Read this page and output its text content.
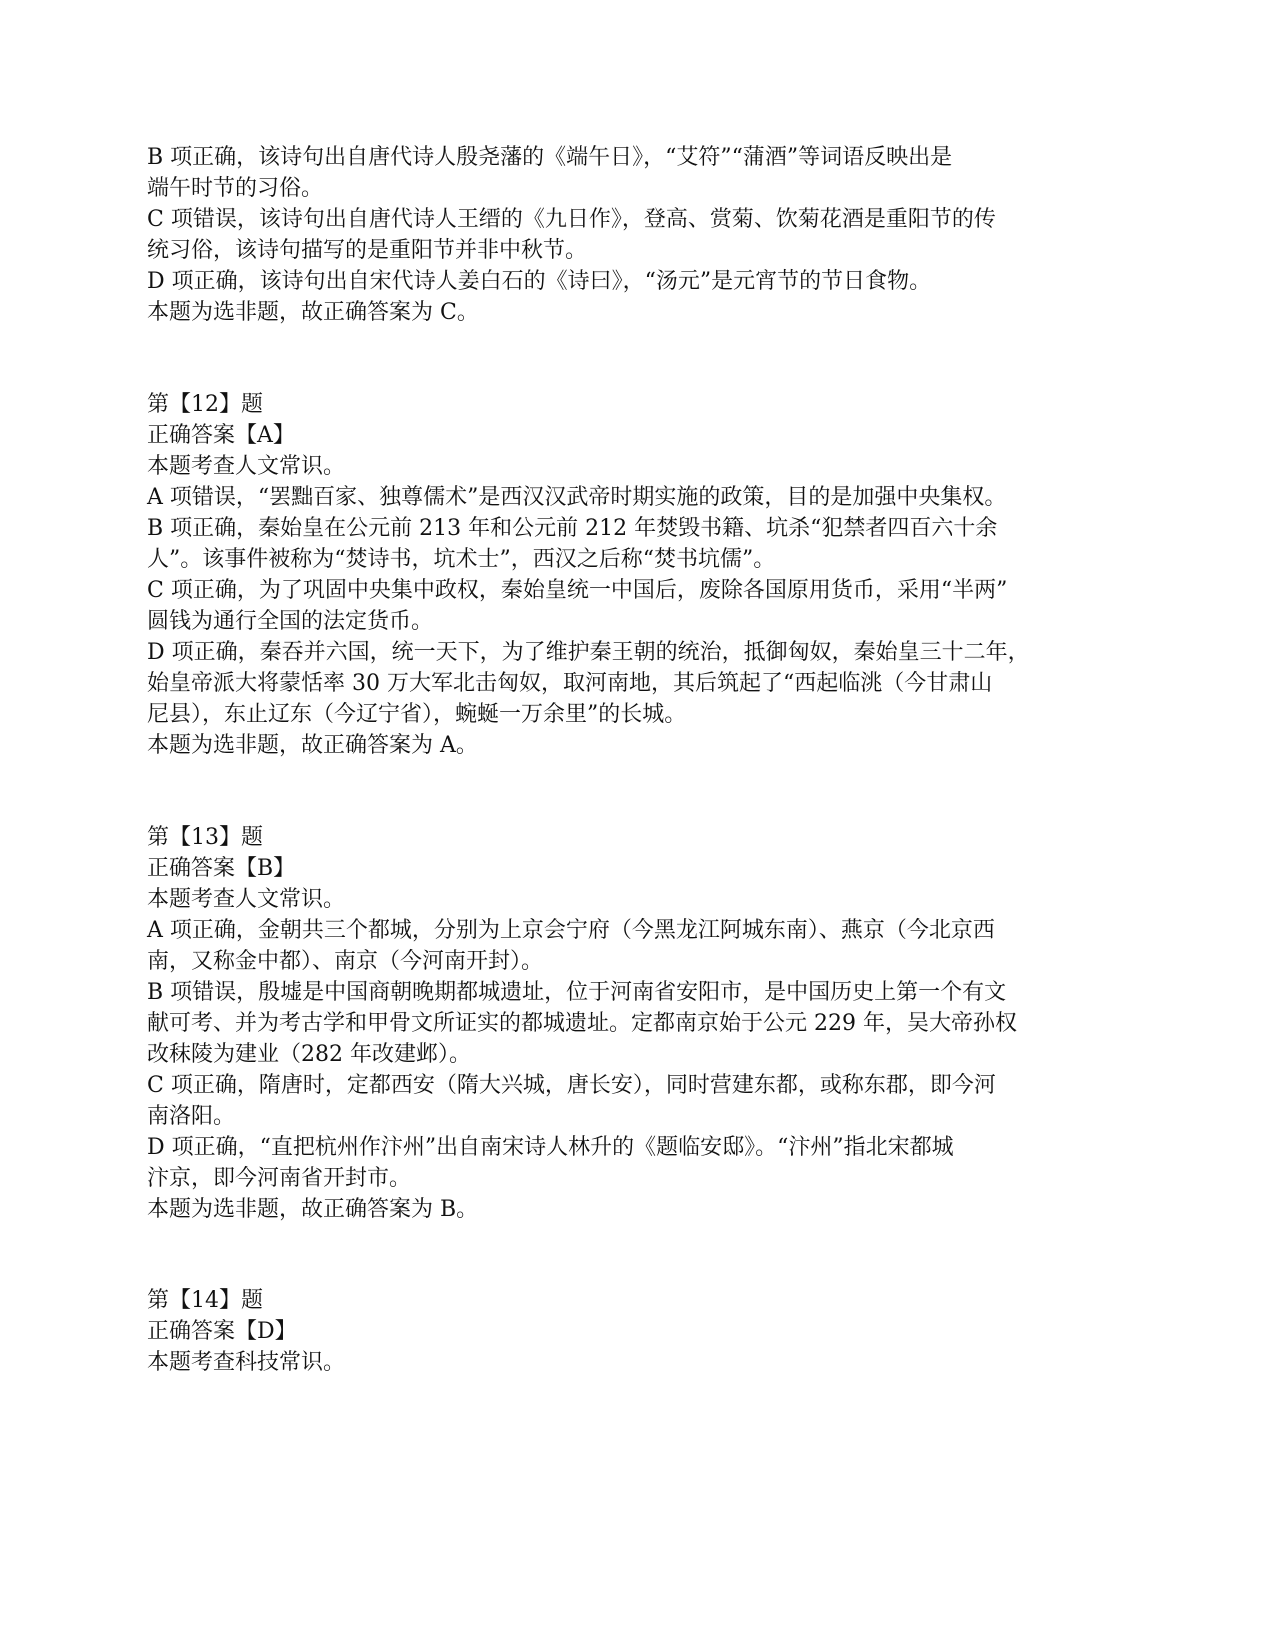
B 项正确，该诗句出自唐代诗人殷尧藩的《端午日》，“艾符”“蒲酒”等词语反映出是
端午时节的习俗。
C 项错误，该诗句出自唐代诗人王缙的《九日作》，登高、赏菊、饮菊花酒是重阳节的传
统习俗，该诗句描写的是重阳节并非中秋节。
D 项正确，该诗句出自宋代诗人姜白石的《诗曰》，“汤元”是元宵节的节日食物。
本题为选非题，故正确答案为 C。
第【12】题
正确答案【A】
本题考查人文常识。
A 项错误，“罢黜百家、独尊儒术”是西汉汉武帝时期实施的政策，目的是加强中央集权。
B 项正确，秦始皇在公元前 213 年和公元前 212 年焚毁书籍、坑杀“犯禁者四百六十余
人”。该事件被称为“焚诗书，坑术士”，西汉之后称“焚书坑儒”。
C 项正确，为了巩固中央集中政权，秦始皇统一中国后，废除各国原用货币，采用“半两”
圆钱为通行全国的法定货币。
D 项正确，秦吞并六国，统一天下，为了维护秦王朝的统治，抵御匈奴，秦始皇三十二年，
始皇帝派大将蒙恬率 30 万大军北击匈奴，取河南地，其后筑起了“西起临洮（今甘肃山
尼县），东止辽东（今辽宁省），蜿蜒一万余里”的长城。
本题为选非题，故正确答案为 A。
第【13】题
正确答案【B】
本题考查人文常识。
A 项正确，金朝共三个都城，分别为上京会宁府（今黑龙江阿城东南）、燕京（今北京西
南，又称金中都）、南京（今河南开封）。
B 项错误，殷墟是中国商朝晚期都城遗址，位于河南省安阳市，是中国历史上第一个有文
献可考、并为考古学和甲骨文所证实的都城遗址。定都南京始于公元 229 年，吴大帝孙权
改秣陵为建业（282 年改建邺）。
C 项正确，隋唐时，定都西安（隋大兴城，唐长安），同时营建东都，或称东郡，即今河
南洛阳。
D 项正确，“直把杭州作汴州”出自南宋诗人林升的《题临安邸》。“汴州”指北宋都城
汴京，即今河南省开封市。
本题为选非题，故正确答案为 B。
第【14】题
正确答案【D】
本题考查科技常识。
